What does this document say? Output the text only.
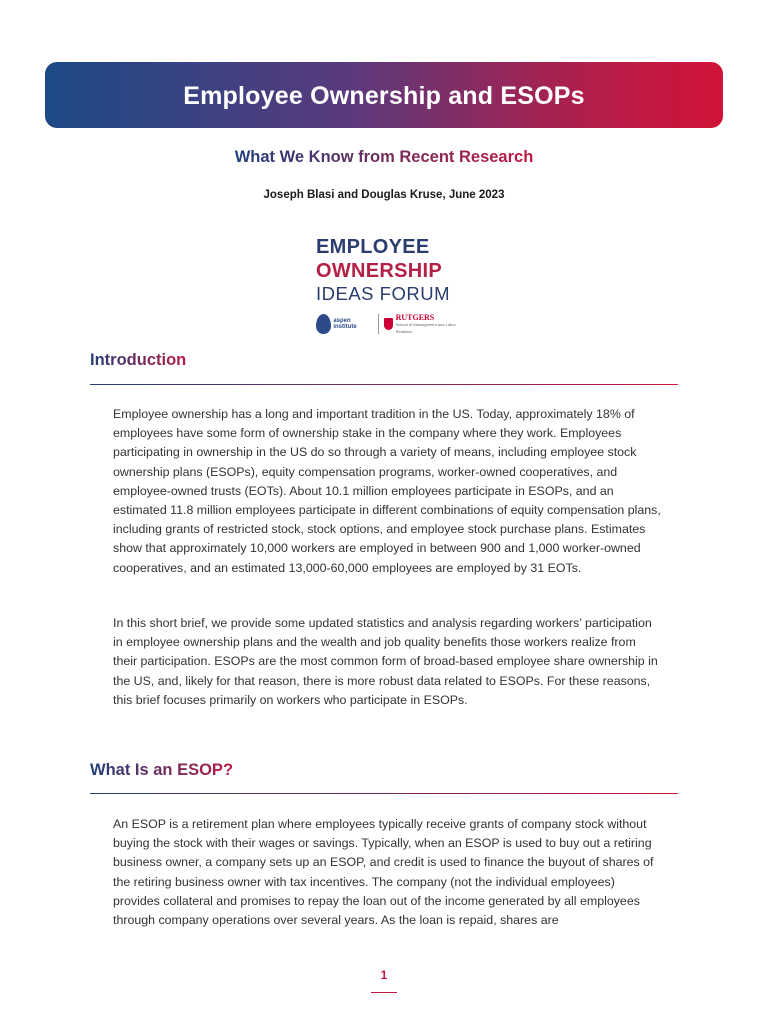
Employee Ownership and ESOPs
What We Know from Recent Research
Joseph Blasi and Douglas Kruse, June 2023
EMPLOYEE
OWNERSHIP
IDEAS FORUM
aspen institute
RUTGERS
School of Management and Labor Relations
Introduction

Employee ownership has a long and important tradition in the US. Today, approximately 18% of employees have some form of ownership stake in the company where they work. Employees participating in ownership in the US do so through a variety of means, including employee stock ownership plans (ESOPs), equity compensation programs, worker-owned cooperatives, and employee-owned trusts (EOTs). About 10.1 million employees participate in ESOPs, and an estimated 11.8 million employees participate in different combinations of equity compensation plans, including grants of restricted stock, stock options, and employee stock purchase plans. Estimates show that approximately 10,000 workers are employed in between 900 and 1,000 worker-owned cooperatives, and an estimated 13,000-60,000 employees are employed by 31 EOTs.

In this short brief, we provide some updated statistics and analysis regarding workers’ participation in employee ownership plans and the wealth and job quality benefits those workers realize from their participation. ESOPs are the most common form of broad-based employee share ownership in the US, and, likely for that reason, there is more robust data related to ESOPs. For these reasons, this brief focuses primarily on workers who participate in ESOPs.

What Is an ESOP?

An ESOP is a retirement plan where employees typically receive grants of company stock without buying the stock with their wages or savings. Typically, when an ESOP is used to buy out a retiring business owner, a company sets up an ESOP, and credit is used to finance the buyout of shares of the retiring business owner with tax incentives. The company (not the individual employees) provides collateral and promises to repay the loan out of the income generated by all employees through company operations over several years. As the loan is repaid, shares are

1
